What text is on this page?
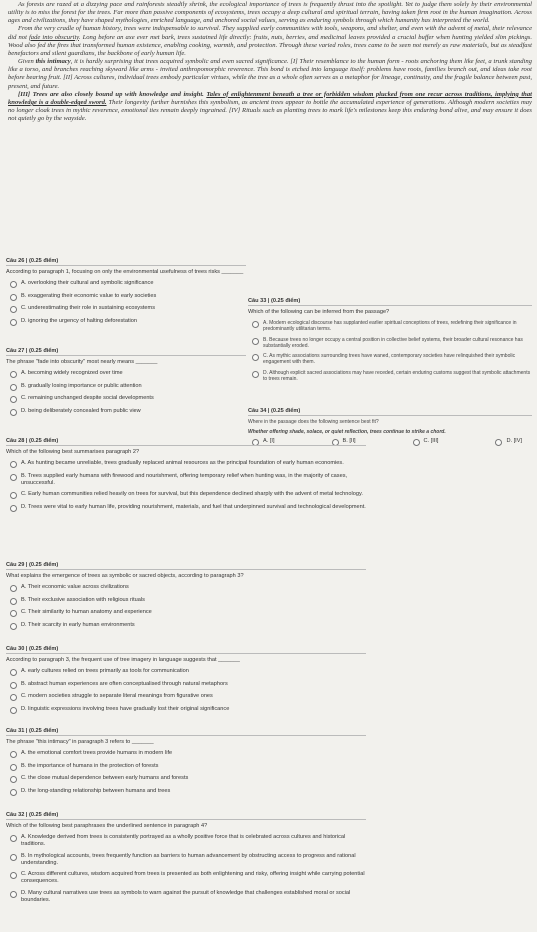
As forests are razed at a dizzying pace and rainforests steadily shrink, the ecological importance of trees is frequently thrust into the spotlight. Yet to judge them solely by their environmental utility is to miss the forest for the trees. Far more than passive components of ecosystems, trees occupy a deep cultural and spiritual terrain, having taken firm root in the human imagination. Across ages and civilizations, they have shaped mythologies, enriched language, and anchored social values, serving as enduring symbols through which humanity has interpreted the world.

From the very cradle of human history, trees were indispensable to survival. They supplied early communities with tools, weapons, and shelter, and even with the advent of metal, their relevance did not fade into obscurity. Long before an axe ever met bark, trees sustained life directly: fruits, nuts, berries, and medicinal leaves provided a crucial buffer when hunting yielded slim pickings. Wood also fed the fires that transformed human existence, enabling cooking, warmth, and protection. Through these varied roles, trees came to be seen not merely as raw materials, but as steadfast benefactors and silent guardians, the backbone of early human life.

Given this intimacy, it is hardly surprising that trees acquired symbolic and even sacred significance. [I] Their resemblance to the human form - roots anchoring them like feet, a trunk standing like a torso, and branches reaching skyward like arms - invited anthropomorphic reverence. This bond is etched into language itself: problems have roots, families branch out, and ideas take root before bearing fruit. [II] Across cultures, individual trees embody particular virtues, while the tree as a whole often serves as a metaphor for lineage, continuity, and the fragile balance between past, present, and future.

[III] Trees are also closely bound up with knowledge and insight. Tales of enlightenment beneath a tree or forbidden wisdom plucked from one recur across traditions, implying that knowledge is a double-edged sword. Their longevity further burnishes this symbolism, as ancient trees appear to bottle the accumulated experience of generations. Although modern societies may no longer cloak trees in mythic reverence, emotional ties remain deeply ingrained. [IV] Rituals such as planting trees to mark life's milestones keep this enduring bond alive, and may ensure it does not quietly go by the wayside.

Câu 26 | (0.25 điểm)
According to paragraph 1, focusing on only the environmental usefulness of trees risks _______
A. overlooking their cultural and symbolic significance
B. exaggerating their economic value to early societies
C. underestimating their role in sustaining ecosystems
D. ignoring the urgency of halting deforestation
Câu 27 | (0.25 điểm)
The phrase "fade into obscurity" most nearly means _______
A. becoming widely recognized over time
B. gradually losing importance or public attention
C. remaining unchanged despite social developments
D. being deliberately concealed from public view
Câu 33 | (0.25 điểm)
Which of the following can be inferred from the passage?
A. Modern ecological discourse has supplanted earlier spiritual conceptions of trees, redefining their significance in predominantly utilitarian terms.
B. Because trees no longer occupy a central position in collective belief systems, their broader cultural resonance has substantially eroded.
C. As mythic associations surrounding trees have waned, contemporary societies have relinquished their symbolic engagement with them.
D. Although explicit sacred associations may have receded, certain enduring customs suggest that symbolic attachments to trees remain.
Câu 34 | (0.25 điểm)
Where in the passage does the following sentence best fit?
Whether offering shade, solace, or quiet reflection, trees continue to strike a chord.
A. [I]	B. [II]	C. [III]	D. [IV]
Câu 28 | (0.25 điểm)
Which of the following best summarises paragraph 2?
A. As hunting became unreliable, trees gradually replaced animal resources as the principal foundation of early human economies.
B. Trees supplied early humans with firewood and nourishment, offering temporary relief when hunting was, in the majority of cases, unsuccessful.
C. Early human communities relied heavily on trees for survival, but this dependence declined sharply with the advent of metal technology.
D. Trees were vital to early human life, providing nourishment, materials, and fuel that underpinned survival and technological development.
Câu 29 | (0.25 điểm)
What explains the emergence of trees as symbolic or sacred objects, according to paragraph 3?
A. Their economic value across civilizations
B. Their exclusive association with religious rituals
C. Their similarity to human anatomy and experience
D. Their scarcity in early human environments
Câu 30 | (0.25 điểm)
According to paragraph 3, the frequent use of tree imagery in language suggests that _______
A. early cultures relied on trees primarily as tools for communication
B. abstract human experiences are often conceptualised through natural metaphors
C. modern societies struggle to separate literal meanings from figurative ones
D. linguistic expressions involving trees have gradually lost their original significance
Câu 31 | (0.25 điểm)
The phrase "this intimacy" in paragraph 3 refers to _______
A. the emotional comfort trees provide humans in modern life
B. the importance of humans in the protection of forests
C. the close mutual dependence between early humans and forests
D. the long-standing relationship between humans and trees
Câu 32 | (0.25 điểm)
Which of the following best paraphrases the underlined sentence in paragraph 4?
A. Knowledge derived from trees is consistently portrayed as a wholly positive force that is celebrated across cultures and historical traditions.
B. In mythological accounts, trees frequently function as barriers to human advancement by obstructing access to progress and rational understanding.
C. Across different cultures, wisdom acquired from trees is presented as both enlightening and risky, offering insight while carrying potential consequences.
D. Many cultural narratives use trees as symbols to warn against the pursuit of knowledge that challenges established moral or social boundaries.
